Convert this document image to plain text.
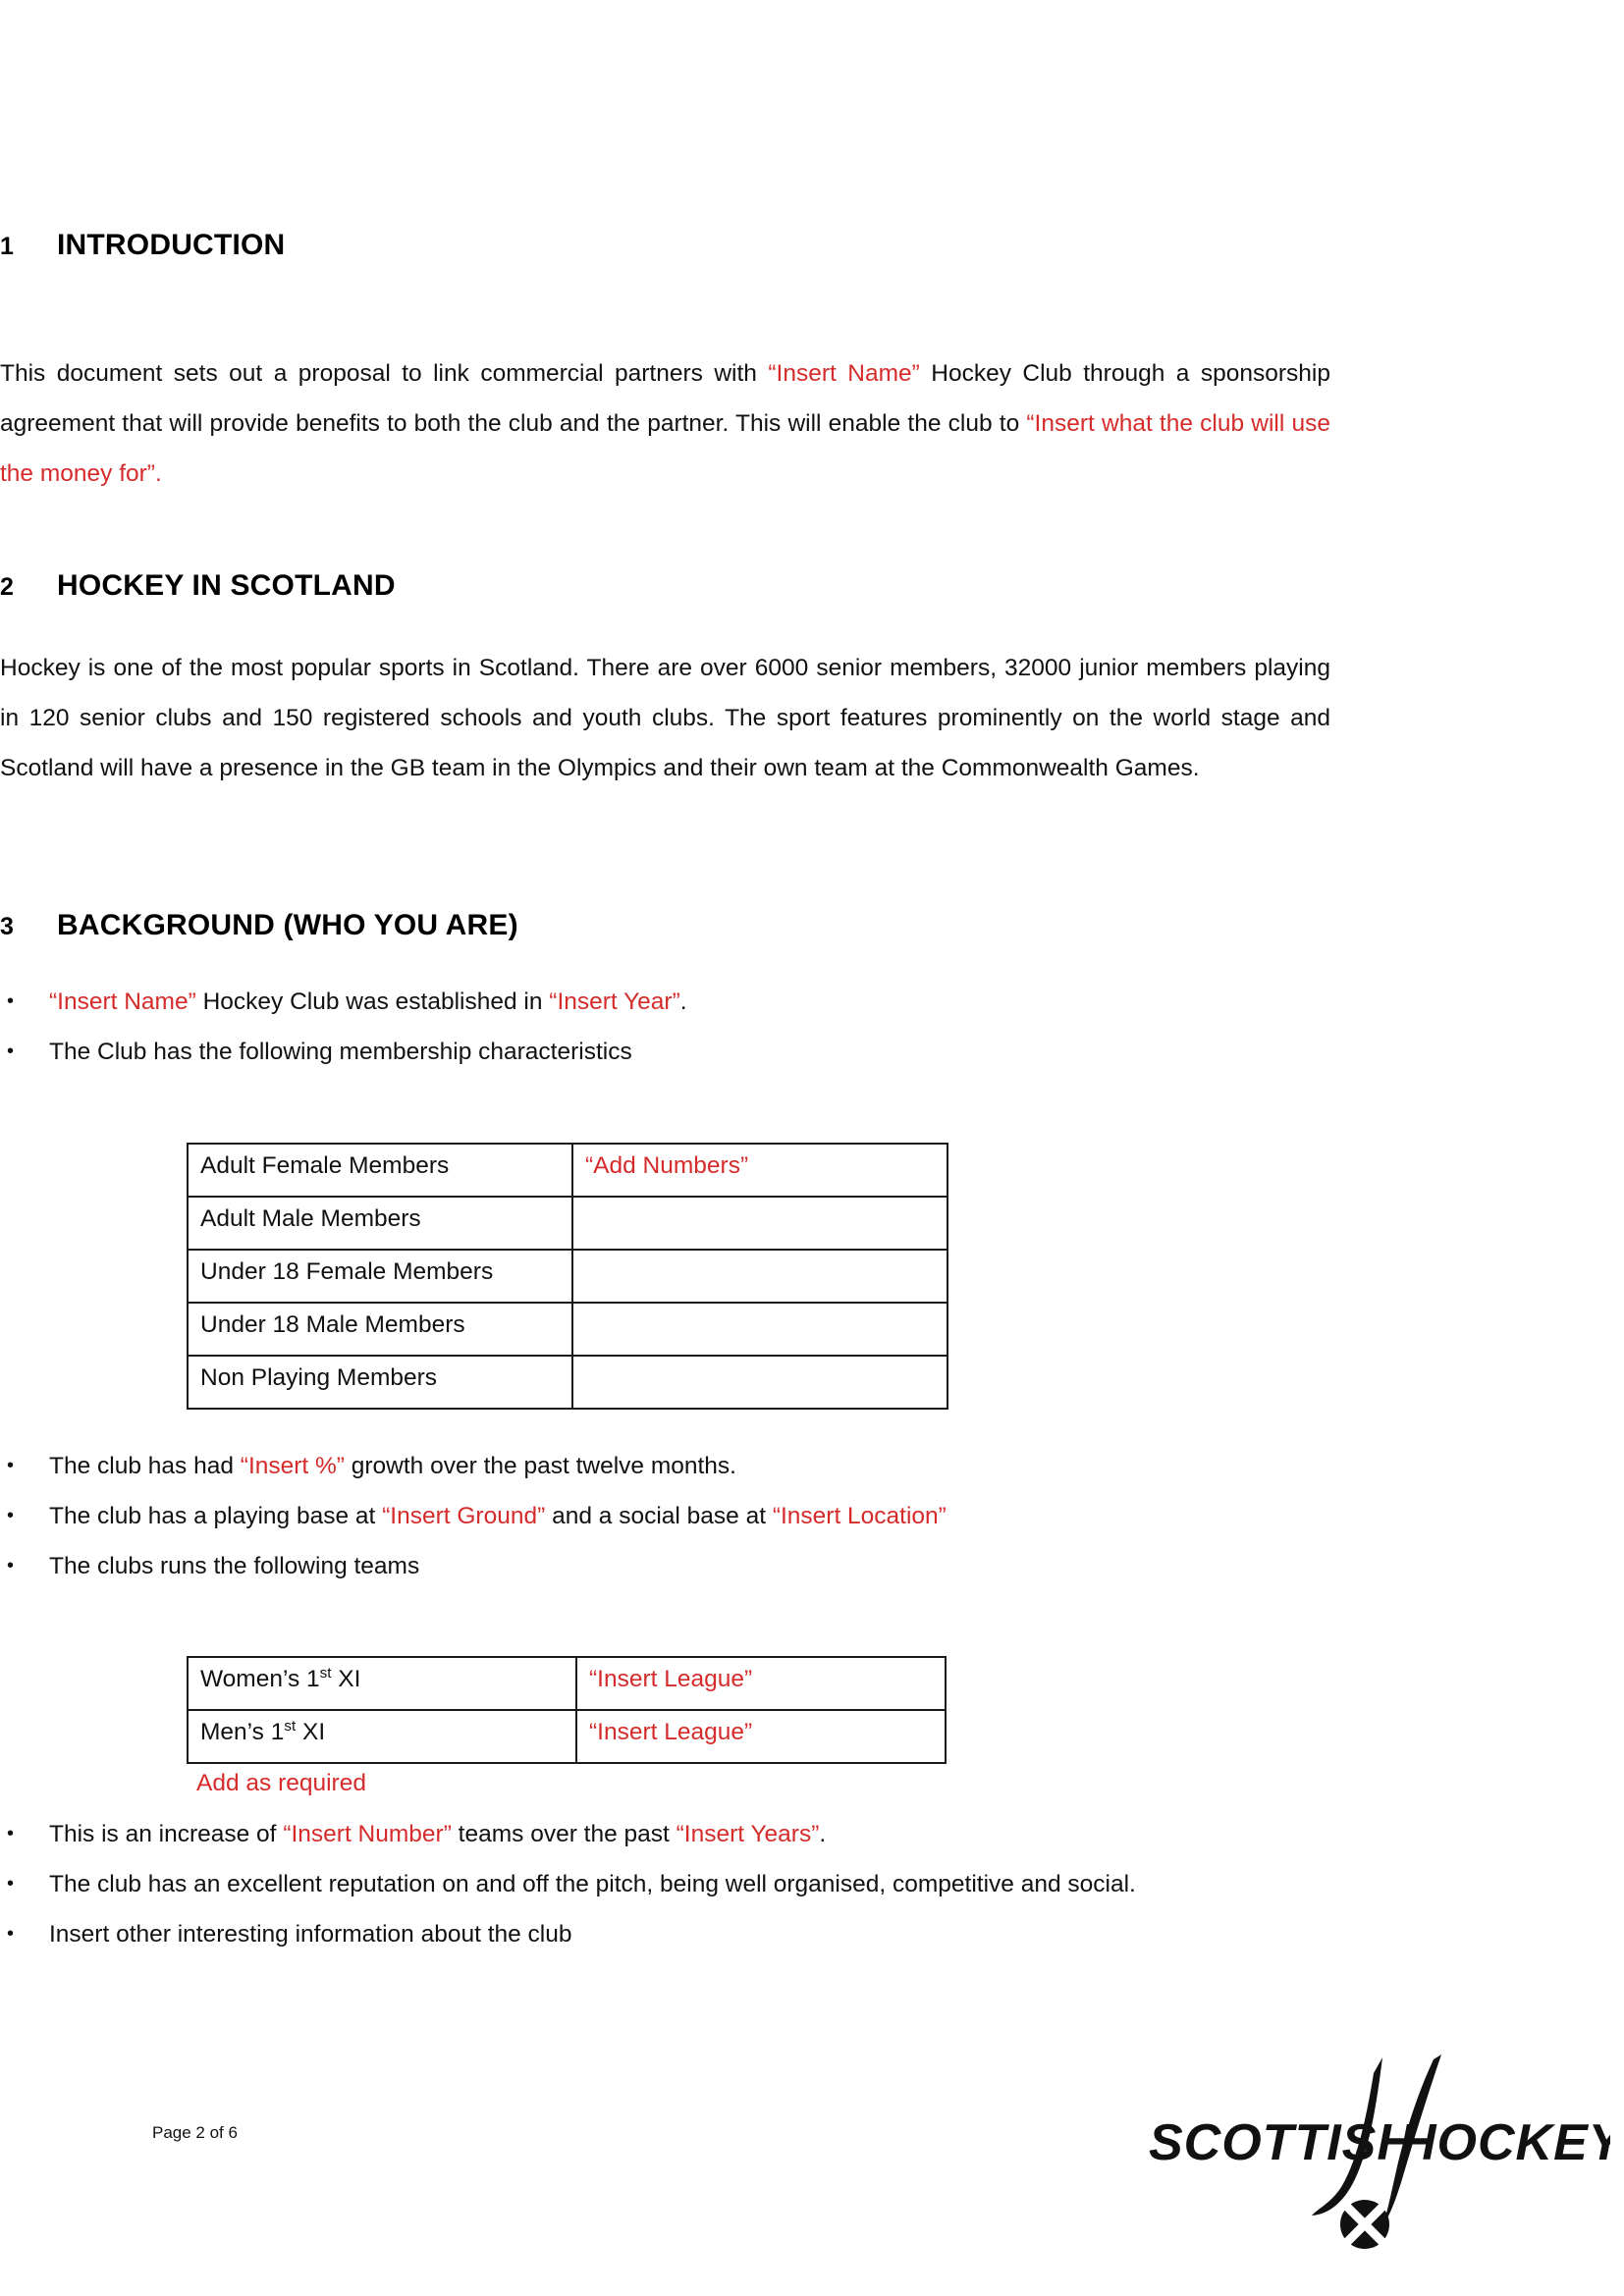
1	INTRODUCTION
This document sets out a proposal to link commercial partners with “Insert Name” Hockey Club through a sponsorship agreement that will provide benefits to both the club and the partner. This will enable the club to “Insert what the club will use the money for”.
2	HOCKEY IN SCOTLAND
Hockey is one of the most popular sports in Scotland. There are over 6000 senior members, 32000 junior members playing in 120 senior clubs and 150 registered schools and youth clubs. The sport features prominently on the world stage and Scotland will have a presence in the GB team in the Olympics and their own team at the Commonwealth Games.
3	BACKGROUND (WHO YOU ARE)
•	“Insert Name” Hockey Club was established in “Insert Year”.
•	The Club has the following membership characteristics
Adult Female Members	“Add Numbers”
Adult Male Members	
Under 18 Female Members	
Under 18 Male Members	
Non Playing Members	
•	The club has had “Insert %” growth over the past twelve months.
•	The club has a playing base at “Insert Ground” and a social base at “Insert Location”
•	The clubs runs the following teams
Women’s 1st XI	“Insert League”
Men’s 1st XI	“Insert League”
Add as required
•	This is an increase of “Insert Number” teams over the past “Insert Years”.
•	The club has an excellent reputation on and off the pitch, being well organised, competitive and social.
•	Insert other interesting information about the club
Page 2 of 6	SCOTTISH
HOCKEY
